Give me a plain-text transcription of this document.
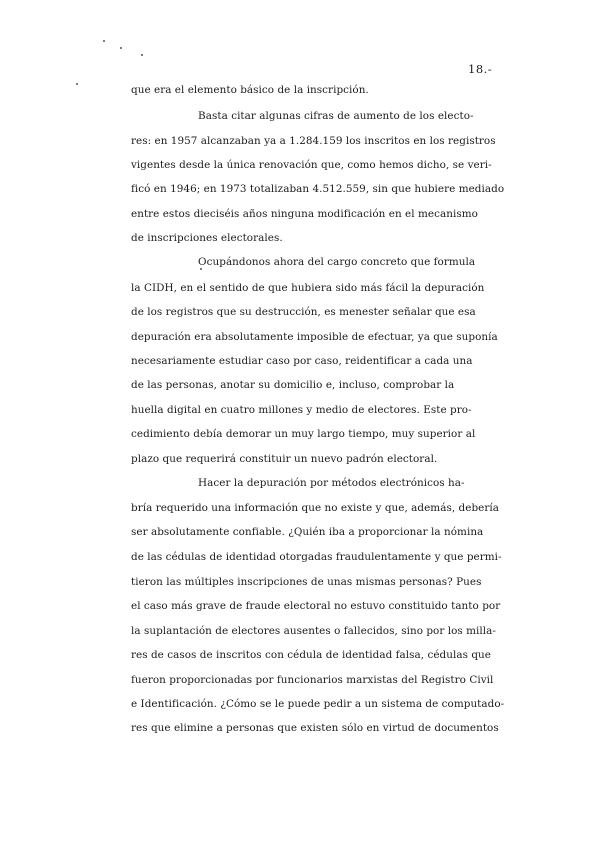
18.-
que era el elemento básico de la inscripción.
Basta citar algunas cifras de aumento de los electo-
res: en 1957 alcanzaban ya a 1.284.159 los inscritos en los registros
vigentes desde la única renovación que, como hemos dicho, se veri-
ficó en 1946; en 1973 totalizaban 4.512.559, sin que hubiere mediado
entre estos dieciséis años ninguna modificación en el mecanismo
de inscripciones electorales.
Ocupándonos ahora del cargo concreto que formula
la CIDH, en el sentido de que hubiera sido más fácil la depuración
de los registros que su destrucción, es menester señalar que esa
depuración era absolutamente imposible de efectuar, ya que suponía
necesariamente estudiar caso por caso, reidentificar a cada una
de las personas, anotar su domicilio e, incluso, comprobar la
huella digital en cuatro millones y medio de electores. Este pro-
cedimiento debía demorar un muy largo tiempo, muy superior al
plazo que requerirá constituir un nuevo padrón electoral.
Hacer la depuración por métodos electrónicos ha-
bría requerido una información que no existe y que, además, debería
ser absolutamente confiable. ¿Quién iba a proporcionar la nómina
de las cédulas de identidad otorgadas fraudulentamente y que permi-
tieron las múltiples inscripciones de unas mismas personas? Pues
el caso más grave de fraude electoral no estuvo constituido tanto por
la suplantación de electores ausentes o fallecidos, sino por los milla-
res de casos de inscritos con cédula de identidad falsa, cédulas que
fueron proporcionadas por funcionarios marxistas del Registro Civil
e Identificación. ¿Cómo se le puede pedir a un sistema de computado-
res que elimine a personas que existen sólo en virtud de documentos
